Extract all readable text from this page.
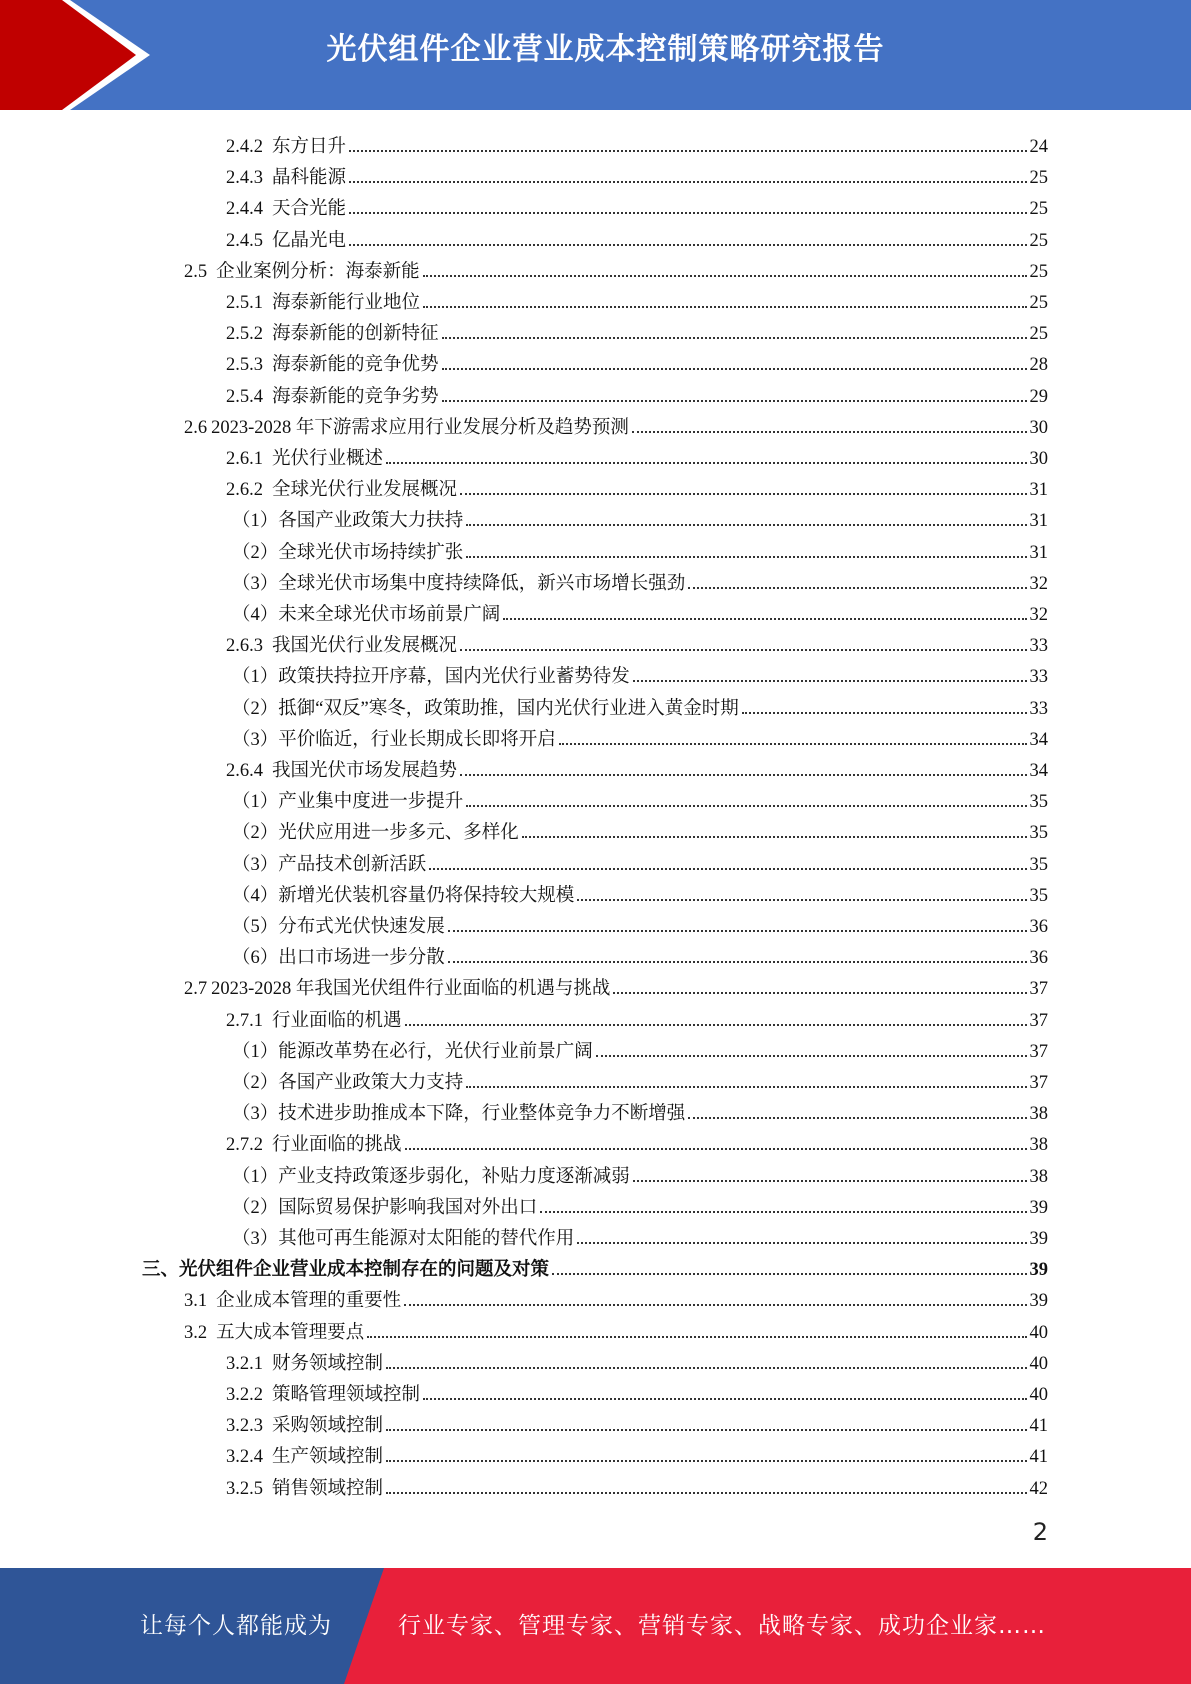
光伏组件企业营业成本控制策略研究报告
2.4.2 东方日升	24
2.4.3 晶科能源	25
2.4.4 天合光能	25
2.4.5 亿晶光电	25
2.5 企业案例分析：海泰新能	25
2.5.1 海泰新能行业地位	25
2.5.2 海泰新能的创新特征	25
2.5.3 海泰新能的竞争优势	28
2.5.4 海泰新能的竞争劣势	29
2.6 2023-2028 年下游需求应用行业发展分析及趋势预测	30
2.6.1 光伏行业概述	30
2.6.2 全球光伏行业发展概况	31
（1） 各国产业政策大力扶持	31
（2） 全球光伏市场持续扩张	31
（3） 全球光伏市场集中度持续降低，新兴市场增长强劲	32
（4） 未来全球光伏市场前景广阔	32
2.6.3 我国光伏行业发展概况	33
（1） 政策扶持拉开序幕，国内光伏行业蓄势待发	33
（2） 抵御“双反”寒冬，政策助推，国内光伏行业进入黄金时期	33
（3） 平价临近，行业长期成长即将开启	34
2.6.4 我国光伏市场发展趋势	34
（1） 产业集中度进一步提升	35
（2） 光伏应用进一步多元、多样化	35
（3） 产品技术创新活跃	35
（4） 新增光伏装机容量仍将保持较大规模	35
（5） 分布式光伏快速发展	36
（6） 出口市场进一步分散	36
2.7 2023-2028 年我国光伏组件行业面临的机遇与挑战	37
2.7.1 行业面临的机遇	37
（1） 能源改革势在必行，光伏行业前景广阔	37
（2） 各国产业政策大力支持	37
（3） 技术进步助推成本下降，行业整体竞争力不断增强	38
2.7.2 行业面临的挑战	38
（1） 产业支持政策逐步弱化，补贴力度逐渐减弱	38
（2） 国际贸易保护影响我国对外出口	39
（3） 其他可再生能源对太阳能的替代作用	39
三、 光伏组件企业营业成本控制存在的问题及对策	39
3.1 企业成本管理的重要性	39
3.2 五大成本管理要点	40
3.2.1 财务领域控制	40
3.2.2 策略管理领域控制	40
3.2.3 采购领域控制	41
3.2.4 生产领域控制	41
3.2.5 销售领域控制	42
2
让每个人都能成为	行业专家、管理专家、营销专家、战略专家、成功企业家……
